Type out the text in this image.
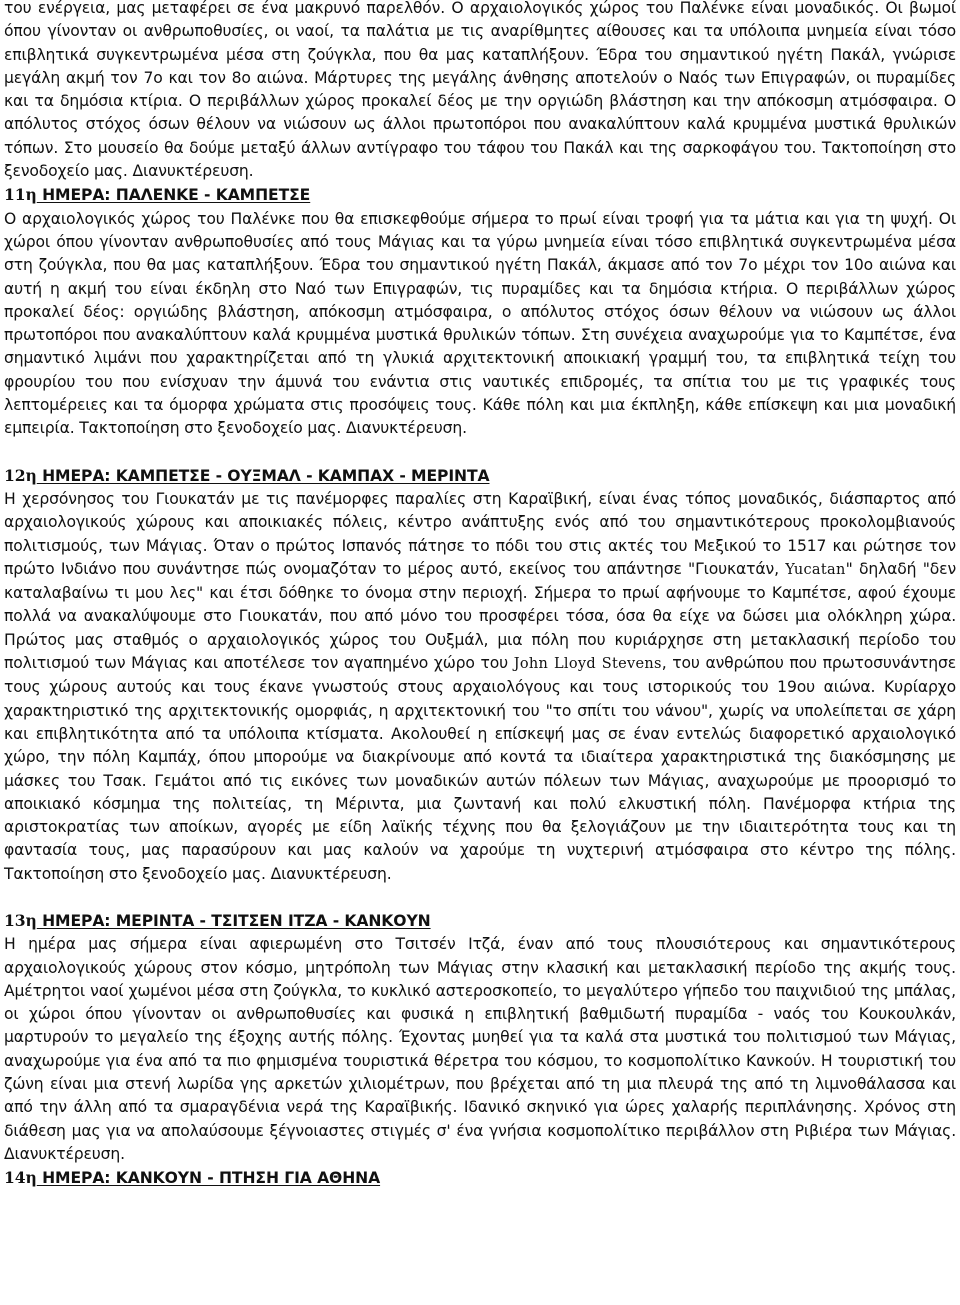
του ενέργεια, μας μεταφέρει σε ένα μακρυνό παρελθόν. Ο αρχαιολογικός χώρος του Παλένκε είναι μοναδικός. Οι βωμοί όπου γίνονταν οι ανθρωποθυσίες, οι ναοί, τα παλάτια με τις αναρίθμητες αίθουσες και τα υπόλοιπα μνημεία είναι τόσο επιβλητικά συγκεντρωμένα μέσα στη ζούγκλα, που θα μας καταπλήξουν. Έδρα του σημαντικού ηγέτη Πακάλ, γνώρισε μεγάλη ακμή τον 7ο και τον 8ο αιώνα. Μάρτυρες της μεγάλης άνθησης αποτελούν ο Ναός των Επιγραφών, οι πυραμίδες και τα δημόσια κτίρια. Ο περιβάλλων χώρος προκαλεί δέος με την οργιώδη βλάστηση και την απόκοσμη ατμόσφαιρα. Ο απόλυτος στόχος όσων θέλουν να νιώσουν ως άλλοι πρωτοπόροι που ανακαλύπτουν καλά κρυμμένα μυστικά θρυλικών τόπων. Στο μουσείο θα δούμε μεταξύ άλλων αντίγραφο του τάφου του Πακάλ και της σαρκοφάγου του. Τακτοποίηση στο ξενοδοχείο μας. Διανυκτέρευση.

11η ΗΜΕΡΑ: ΠΑΛΕΝΚΕ - ΚΑΜΠΕΤΣΕ

Ο αρχαιολογικός χώρος του Παλένκε που θα επισκεφθούμε σήμερα το πρωί είναι τροφή για τα μάτια και για τη ψυχή. Οι χώροι όπου γίνονταν ανθρωποθυσίες από τους Μάγιας και τα γύρω μνημεία είναι τόσο επιβλητικά συγκεντρωμένα μέσα στη ζούγκλα, που θα μας καταπλήξουν. Έδρα του σημαντικού ηγέτη Πακάλ, άκμασε από τον 7ο μέχρι τον 10ο αιώνα και αυτή η ακμή του είναι έκδηλη στο Ναό των Επιγραφών, τις πυραμίδες και τα δημόσια κτήρια. Ο περιβάλλων χώρος προκαλεί δέος: οργιώδης βλάστηση, απόκοσμη ατμόσφαιρα, ο απόλυτος στόχος όσων θέλουν να νιώσουν ως άλλοι πρωτοπόροι που ανακαλύπτουν καλά κρυμμένα μυστικά θρυλικών τόπων. Στη συνέχεια αναχωρούμε για το Καμπέτσε, ένα σημαντικό λιμάνι που χαρακτηρίζεται από τη γλυκιά αρχιτεκτονική αποικιακή γραμμή του, τα επιβλητικά τείχη του φρουρίου του που ενίσχυαν την άμυνά του ενάντια στις ναυτικές επιδρομές, τα σπίτια του με τις γραφικές τους λεπτομέρειες και τα όμορφα χρώματα στις προσόψεις τους. Κάθε πόλη και μια έκπληξη, κάθε επίσκεψη και μια μοναδική εμπειρία. Τακτοποίηση στο ξενοδοχείο μας. Διανυκτέρευση.

12η ΗΜΕΡΑ: ΚΑΜΠΕΤΣΕ - ΟΥΞΜΑΛ - ΚΑΜΠΑΧ - ΜΕΡΙΝΤΑ

Η χερσόνησος του Γιουκατάν με τις πανέμορφες παραλίες στη Καραϊβική, είναι ένας τόπος μοναδικός, διάσπαρτος από αρχαιολογικούς χώρους και αποικιακές πόλεις, κέντρο ανάπτυξης ενός από του σημαντικότερους προκολομβιανούς πολιτισμούς, των Μάγιας. Όταν ο πρώτος Ισπανός πάτησε το πόδι του στις ακτές του Μεξικού το 1517 και ρώτησε τον πρώτο Ινδιάνο που συνάντησε πώς ονομαζόταν το μέρος αυτό, εκείνος του απάντησε "Γιουκατάν, Yucatan" δηλαδή "δεν καταλαβαίνω τι μου λες" και έτσι δόθηκε το όνομα στην περιοχή. Σήμερα το πρωί αφήνουμε το Καμπέτσε, αφού έχουμε πολλά να ανακαλύψουμε στο Γιουκατάν, που από μόνο του προσφέρει τόσα, όσα θα είχε να δώσει μια ολόκληρη χώρα. Πρώτος μας σταθμός ο αρχαιολογικός χώρος του Ουξμάλ, μια πόλη που κυριάρχησε στη μετακλασική περίοδο του πολιτισμού των Μάγιας και αποτέλεσε τον αγαπημένο χώρο του John Lloyd Stevens, του ανθρώπου που πρωτοσυνάντησε τους χώρους αυτούς και τους έκανε γνωστούς στους αρχαιολόγους και τους ιστορικούς του 19ου αιώνα. Κυρίαρχο χαρακτηριστικό της αρχιτεκτονικής ομορφιάς, η αρχιτεκτονική του "το σπίτι του νάνου", χωρίς να υπολείπεται σε χάρη και επιβλητικότητα από τα υπόλοιπα κτίσματα. Ακολουθεί η επίσκεψή μας σε έναν εντελώς διαφορετικό αρχαιολογικό χώρο, την πόλη Καμπάχ, όπου μπορούμε να διακρίνουμε από κοντά τα ιδιαίτερα χαρακτηριστικά της διακόσμησης με μάσκες του Τσακ. Γεμάτοι από τις εικόνες των μοναδικών αυτών πόλεων των Μάγιας, αναχωρούμε με προορισμό το αποικιακό κόσμημα της πολιτείας, τη Μέριντα, μια ζωντανή και πολύ ελκυστική πόλη. Πανέμορφα κτήρια της αριστοκρατίας των αποίκων, αγορές με είδη λαϊκής τέχνης που θα ξελογιάζουν με την ιδιαιτερότητα τους και τη φαντασία τους, μας παρασύρουν και μας καλούν να χαρούμε τη νυχτερινή ατμόσφαιρα στο κέντρο της πόλης. Τακτοποίηση στο ξενοδοχείο μας. Διανυκτέρευση.

13η ΗΜΕΡΑ: ΜΕΡΙΝΤΑ - ΤΣΙΤΣΕΝ ΙΤΖΑ - ΚΑΝΚΟΥΝ

Η ημέρα μας σήμερα είναι αφιερωμένη στο Τσιτσέν Ιτζά, έναν από τους πλουσιότερους και σημαντικότερους αρχαιολογικούς χώρους στον κόσμο, μητρόπολη των Μάγιας στην κλασική και μετακλασική περίοδο της ακμής τους. Αμέτρητοι ναοί χωμένοι μέσα στη ζούγκλα, το κυκλικό αστεροσκοπείο, το μεγαλύτερο γήπεδο του παιχνιδιού της μπάλας, οι χώροι όπου γίνονταν οι ανθρωποθυσίες και φυσικά η επιβλητική βαθμιδωτή πυραμίδα - ναός του Κουκουλκάν, μαρτυρούν το μεγαλείο της έξοχης αυτής πόλης. Έχοντας μυηθεί για τα καλά στα μυστικά του πολιτισμού των Μάγιας, αναχωρούμε για ένα από τα πιο φημισμένα τουριστικά θέρετρα του κόσμου, το κοσμοπολίτικο Κανκούν. Η τουριστική του ζώνη είναι μια στενή λωρίδα γης αρκετών χιλιομέτρων, που βρέχεται από τη μια πλευρά της από τη λιμνοθάλασσα και από την άλλη από τα σμαραγδένια νερά της Καραϊβικής. Ιδανικό σκηνικό για ώρες χαλαρής περιπλάνησης. Χρόνος στη διάθεση μας για να απολαύσουμε ξέγνοιαστες στιγμές σ' ένα γνήσια κοσμοπολίτικο περιβάλλον στη Ριβιέρα των Μάγιας. Διανυκτέρευση.

14η ΗΜΕΡΑ: ΚΑΝΚΟΥΝ - ΠΤΗΣΗ ΓΙΑ ΑΘΗΝΑ
